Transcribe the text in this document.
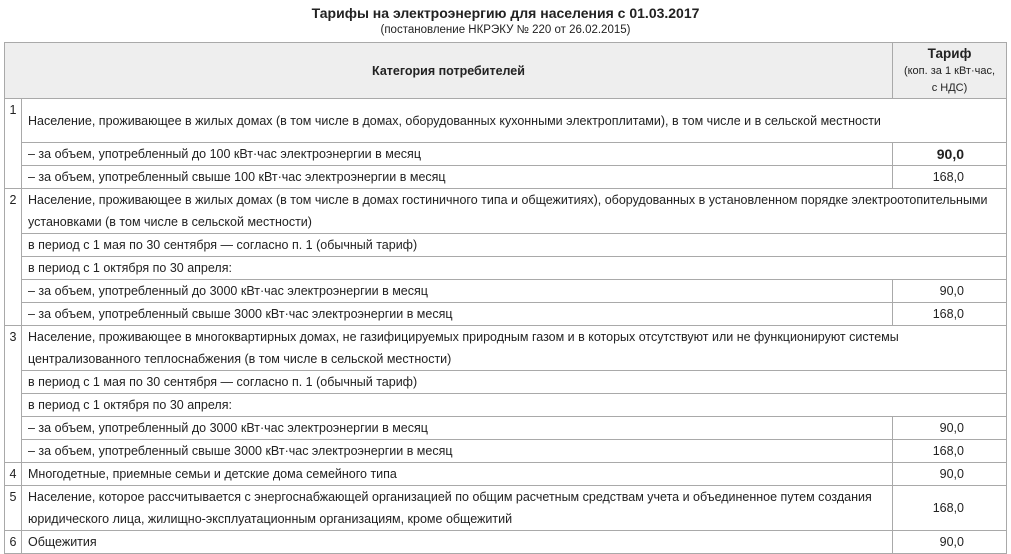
Тарифы на электроэнергию для населения с 01.03.2017
(постановление НКРЭКУ № 220 от 26.02.2015)
Категория потребителей		Тариф
(коп. за 1 кВт·час,
с НДС)

1	Население, проживающее в жилых домах (в том числе в домах, оборудованных кухонными электроплитами), в том числе и в сельской местности	
	– за объем, употребленный до 100 кВт·час электроэнергии в месяц	90,0
	– за объем, употребленный свыше 100 кВт·час электроэнергии в месяц	168,0
2	Население, проживающее в жилых домах (в том числе в домах гостиничного типа и общежитиях), оборудованных в установленном порядке электроотопительными установками (в том числе в сельской местности)	
	в период с 1 мая по 30 сентября — согласно п. 1 (обычный тариф)	
	в период с 1 октября по 30 апреля:	
	– за объем, употребленный до 3000 кВт·час электроэнергии в месяц	90,0
	– за объем, употребленный свыше 3000 кВт·час электроэнергии в месяц	168,0
3	Население, проживающее в многоквартирных домах, не газифицируемых природным газом и в которых отсутствуют или не функционируют системы централизованного теплоснабжения (в том числе в сельской местности)	
	в период с 1 мая по 30 сентября — согласно п. 1 (обычный тариф)	
	в период с 1 октября по 30 апреля:	
	– за объем, употребленный до 3000 кВт·час электроэнергии в месяц	90,0
	– за объем, употребленный свыше 3000 кВт·час электроэнергии в месяц	168,0
4	Многодетные, приемные семьи и детские дома семейного типа	90,0
5	Население, которое рассчитывается с энергоснабжающей организацией по общим расчетным средствам учета и объединенное путем создания юридического лица, жилищно-эксплуатационным организациям, кроме общежитий	168,0
6	Общежития	90,0
